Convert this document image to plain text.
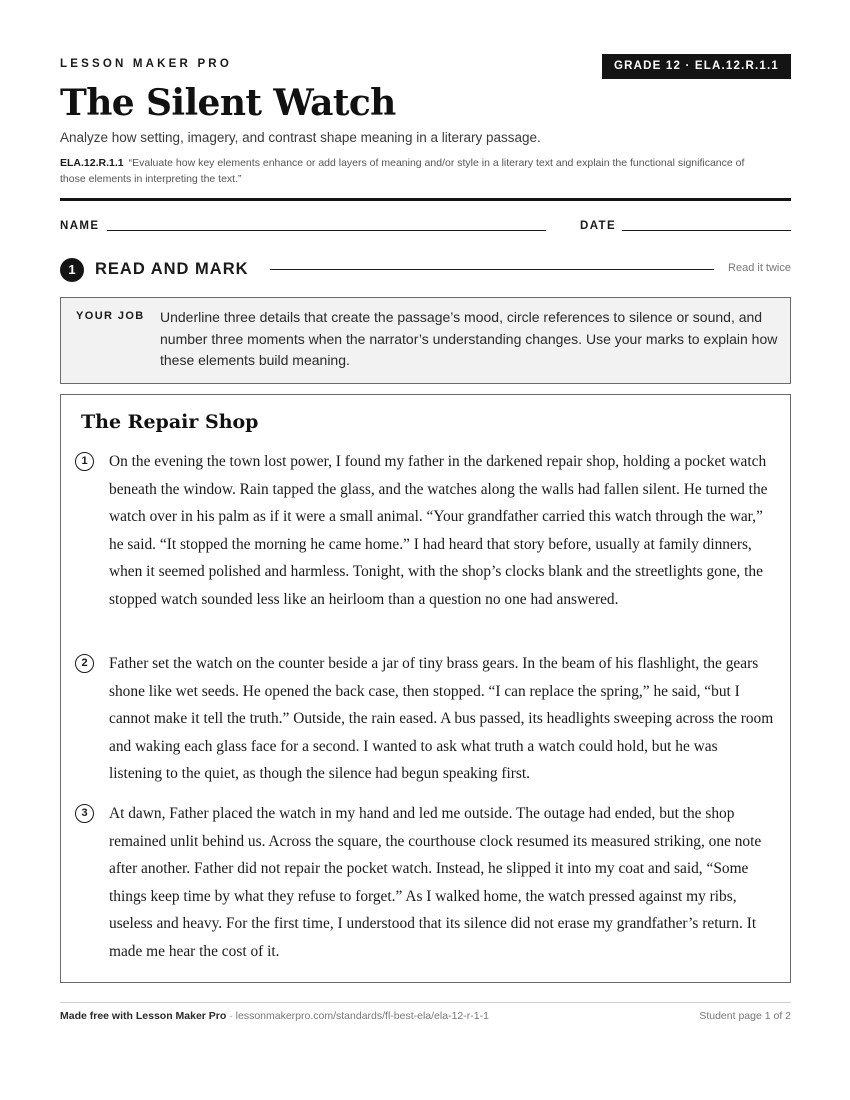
LESSON MAKER PRO	GRADE 12 · ELA.12.R.1.1
The Silent Watch
Analyze how setting, imagery, and contrast shape meaning in a literary passage.
ELA.12.R.1.1 “Evaluate how key elements enhance or add layers of meaning and/or style in a literary text and explain the functional significance of those elements in interpreting the text.”
NAME	DATE
1	READ AND MARK	Read it twice
YOUR JOB Underline three details that create the passage’s mood, circle references to silence or sound, and number three moments when the narrator’s understanding changes. Use your marks to explain how these elements build meaning.
The Repair Shop
1	On the evening the town lost power, I found my father in the darkened repair shop, holding a pocket watch beneath the window. Rain tapped the glass, and the watches along the walls had fallen silent. He turned the watch over in his palm as if it were a small animal. “Your grandfather carried this watch through the war,” he said. “It stopped the morning he came home.” I had heard that story before, usually at family dinners, when it seemed polished and harmless. Tonight, with the shop’s clocks blank and the streetlights gone, the stopped watch sounded less like an heirloom than a question no one had answered.
2	Father set the watch on the counter beside a jar of tiny brass gears. In the beam of his flashlight, the gears shone like wet seeds. He opened the back case, then stopped. “I can replace the spring,” he said, “but I cannot make it tell the truth.” Outside, the rain eased. A bus passed, its headlights sweeping across the room and waking each glass face for a second. I wanted to ask what truth a watch could hold, but he was listening to the quiet, as though the silence had begun speaking first.
3	At dawn, Father placed the watch in my hand and led me outside. The outage had ended, but the shop remained unlit behind us. Across the square, the courthouse clock resumed its measured striking, one note after another. Father did not repair the pocket watch. Instead, he slipped it into my coat and said, “Some things keep time by what they refuse to forget.” As I walked home, the watch pressed against my ribs, useless and heavy. For the first time, I understood that its silence did not erase my grandfather’s return. It made me hear the cost of it.
Made free with Lesson Maker Pro · lessonmakerpro.com/standards/fl-best-ela/ela-12-r-1-1	Student page 1 of 2
